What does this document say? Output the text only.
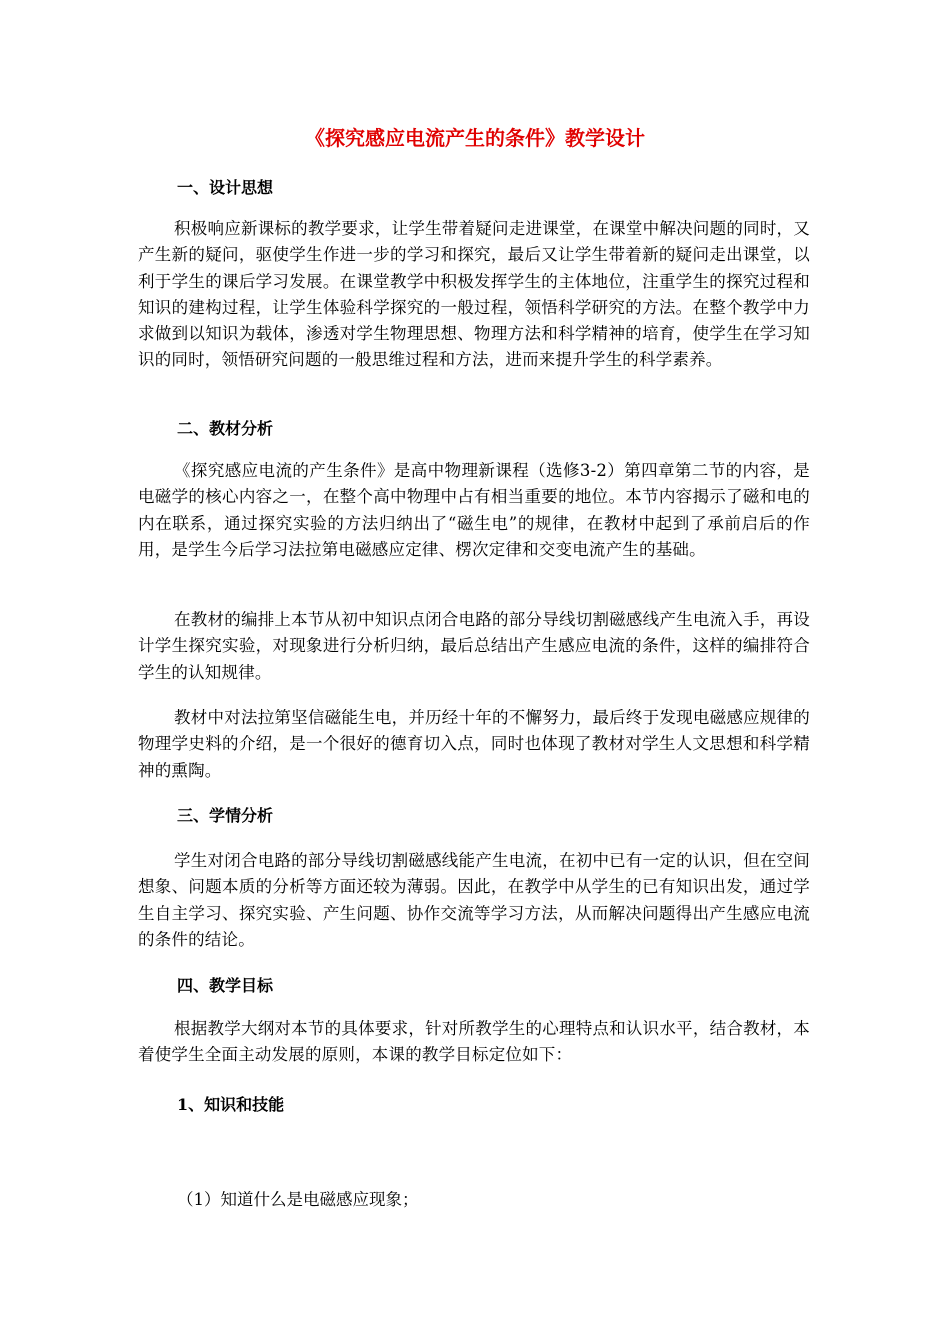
《探究感应电流产生的条件》教学设计
一、设计思想
积极响应新课标的教学要求，让学生带着疑问走进课堂，在课堂中解决问题的同时，又产生新的疑问，驱使学生作进一步的学习和探究，最后又让学生带着新的疑问走出课堂，以利于学生的课后学习发展。在课堂教学中积极发挥学生的主体地位，注重学生的探究过程和知识的建构过程，让学生体验科学探究的一般过程，领悟科学研究的方法。在整个教学中力求做到以知识为载体，渗透对学生物理思想、物理方法和科学精神的培育，使学生在学习知识的同时，领悟研究问题的一般思维过程和方法，进而来提升学生的科学素养。
二、教材分析
《探究感应电流的产生条件》是高中物理新课程（选修3-2）第四章第二节的内容，是电磁学的核心内容之一，在整个高中物理中占有相当重要的地位。本节内容揭示了磁和电的内在联系，通过探究实验的方法归纳出了“磁生电”的规律，在教材中起到了承前启后的作用，是学生今后学习法拉第电磁感应定律、楞次定律和交变电流产生的基础。
在教材的编排上本节从初中知识点闭合电路的部分导线切割磁感线产生电流入手，再设计学生探究实验，对现象进行分析归纳，最后总结出产生感应电流的条件，这样的编排符合学生的认知规律。
教材中对法拉第坚信磁能生电，并历经十年的不懈努力，最后终于发现电磁感应规律的物理学史料的介绍，是一个很好的德育切入点，同时也体现了教材对学生人文思想和科学精神的熏陶。
三、学情分析
学生对闭合电路的部分导线切割磁感线能产生电流，在初中已有一定的认识，但在空间想象、问题本质的分析等方面还较为薄弱。因此，在教学中从学生的已有知识出发，通过学生自主学习、探究实验、产生问题、协作交流等学习方法，从而解决问题得出产生感应电流的条件的结论。
四、教学目标
根据教学大纲对本节的具体要求，针对所教学生的心理特点和认识水平，结合教材，本着使学生全面主动发展的原则，本课的教学目标定位如下：
1、知识和技能
（1）知道什么是电磁感应现象；
